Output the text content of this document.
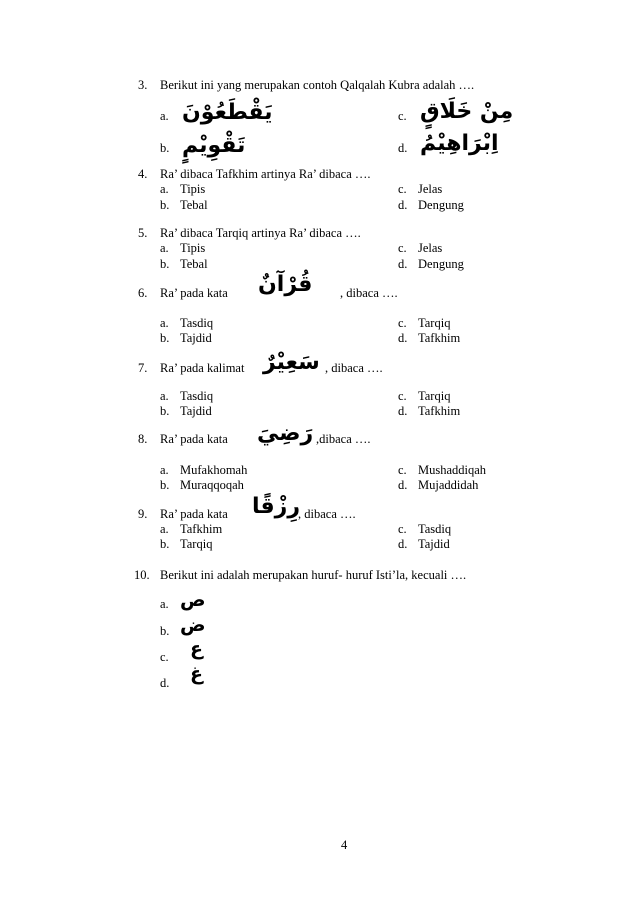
3. Berikut ini yang merupakan contoh Qalqalah Kubra adalah ….
a. يَقْطَعُوْنَ	c. مِنْ خَلَاقٍ
b. تَقْوِيْمٍ	d. اِبْرَاهِيْمُ
4. Ra’ dibaca Tafkhim artinya Ra’ dibaca ….
a. Tipis	c. Jelas
b. Tebal	d. Dengung
5. Ra’ dibaca Tarqiq artinya Ra’ dibaca ….
a. Tipis	c. Jelas
b. Tebal	d. Dengung
6. Ra’ pada kata قُرْآنٌ , dibaca ….
a. Tasdiq	c. Tarqiq
b. Tajdid	d. Tafkhim
7. Ra’ pada kalimat سَعِيْرٌ , dibaca ….
a. Tasdiq	c. Tarqiq
b. Tajdid	d. Tafkhim
8. Ra’ pada kata رَضِيَ ,dibaca ….
a. Mufakhomah	c. Mushaddiqah
b. Muraqqoqah	d. Mujaddidah
9. Ra’ pada kata رِزْقًا
, dibaca ….
a. Tafkhim	c. Tasdiq
b. Tarqiq	d. Tajdid
10. Berikut ini adalah merupakan huruf- huruf Isti’la, kecuali ….
a. ص
b. ض
c. ع
d. غ
4
